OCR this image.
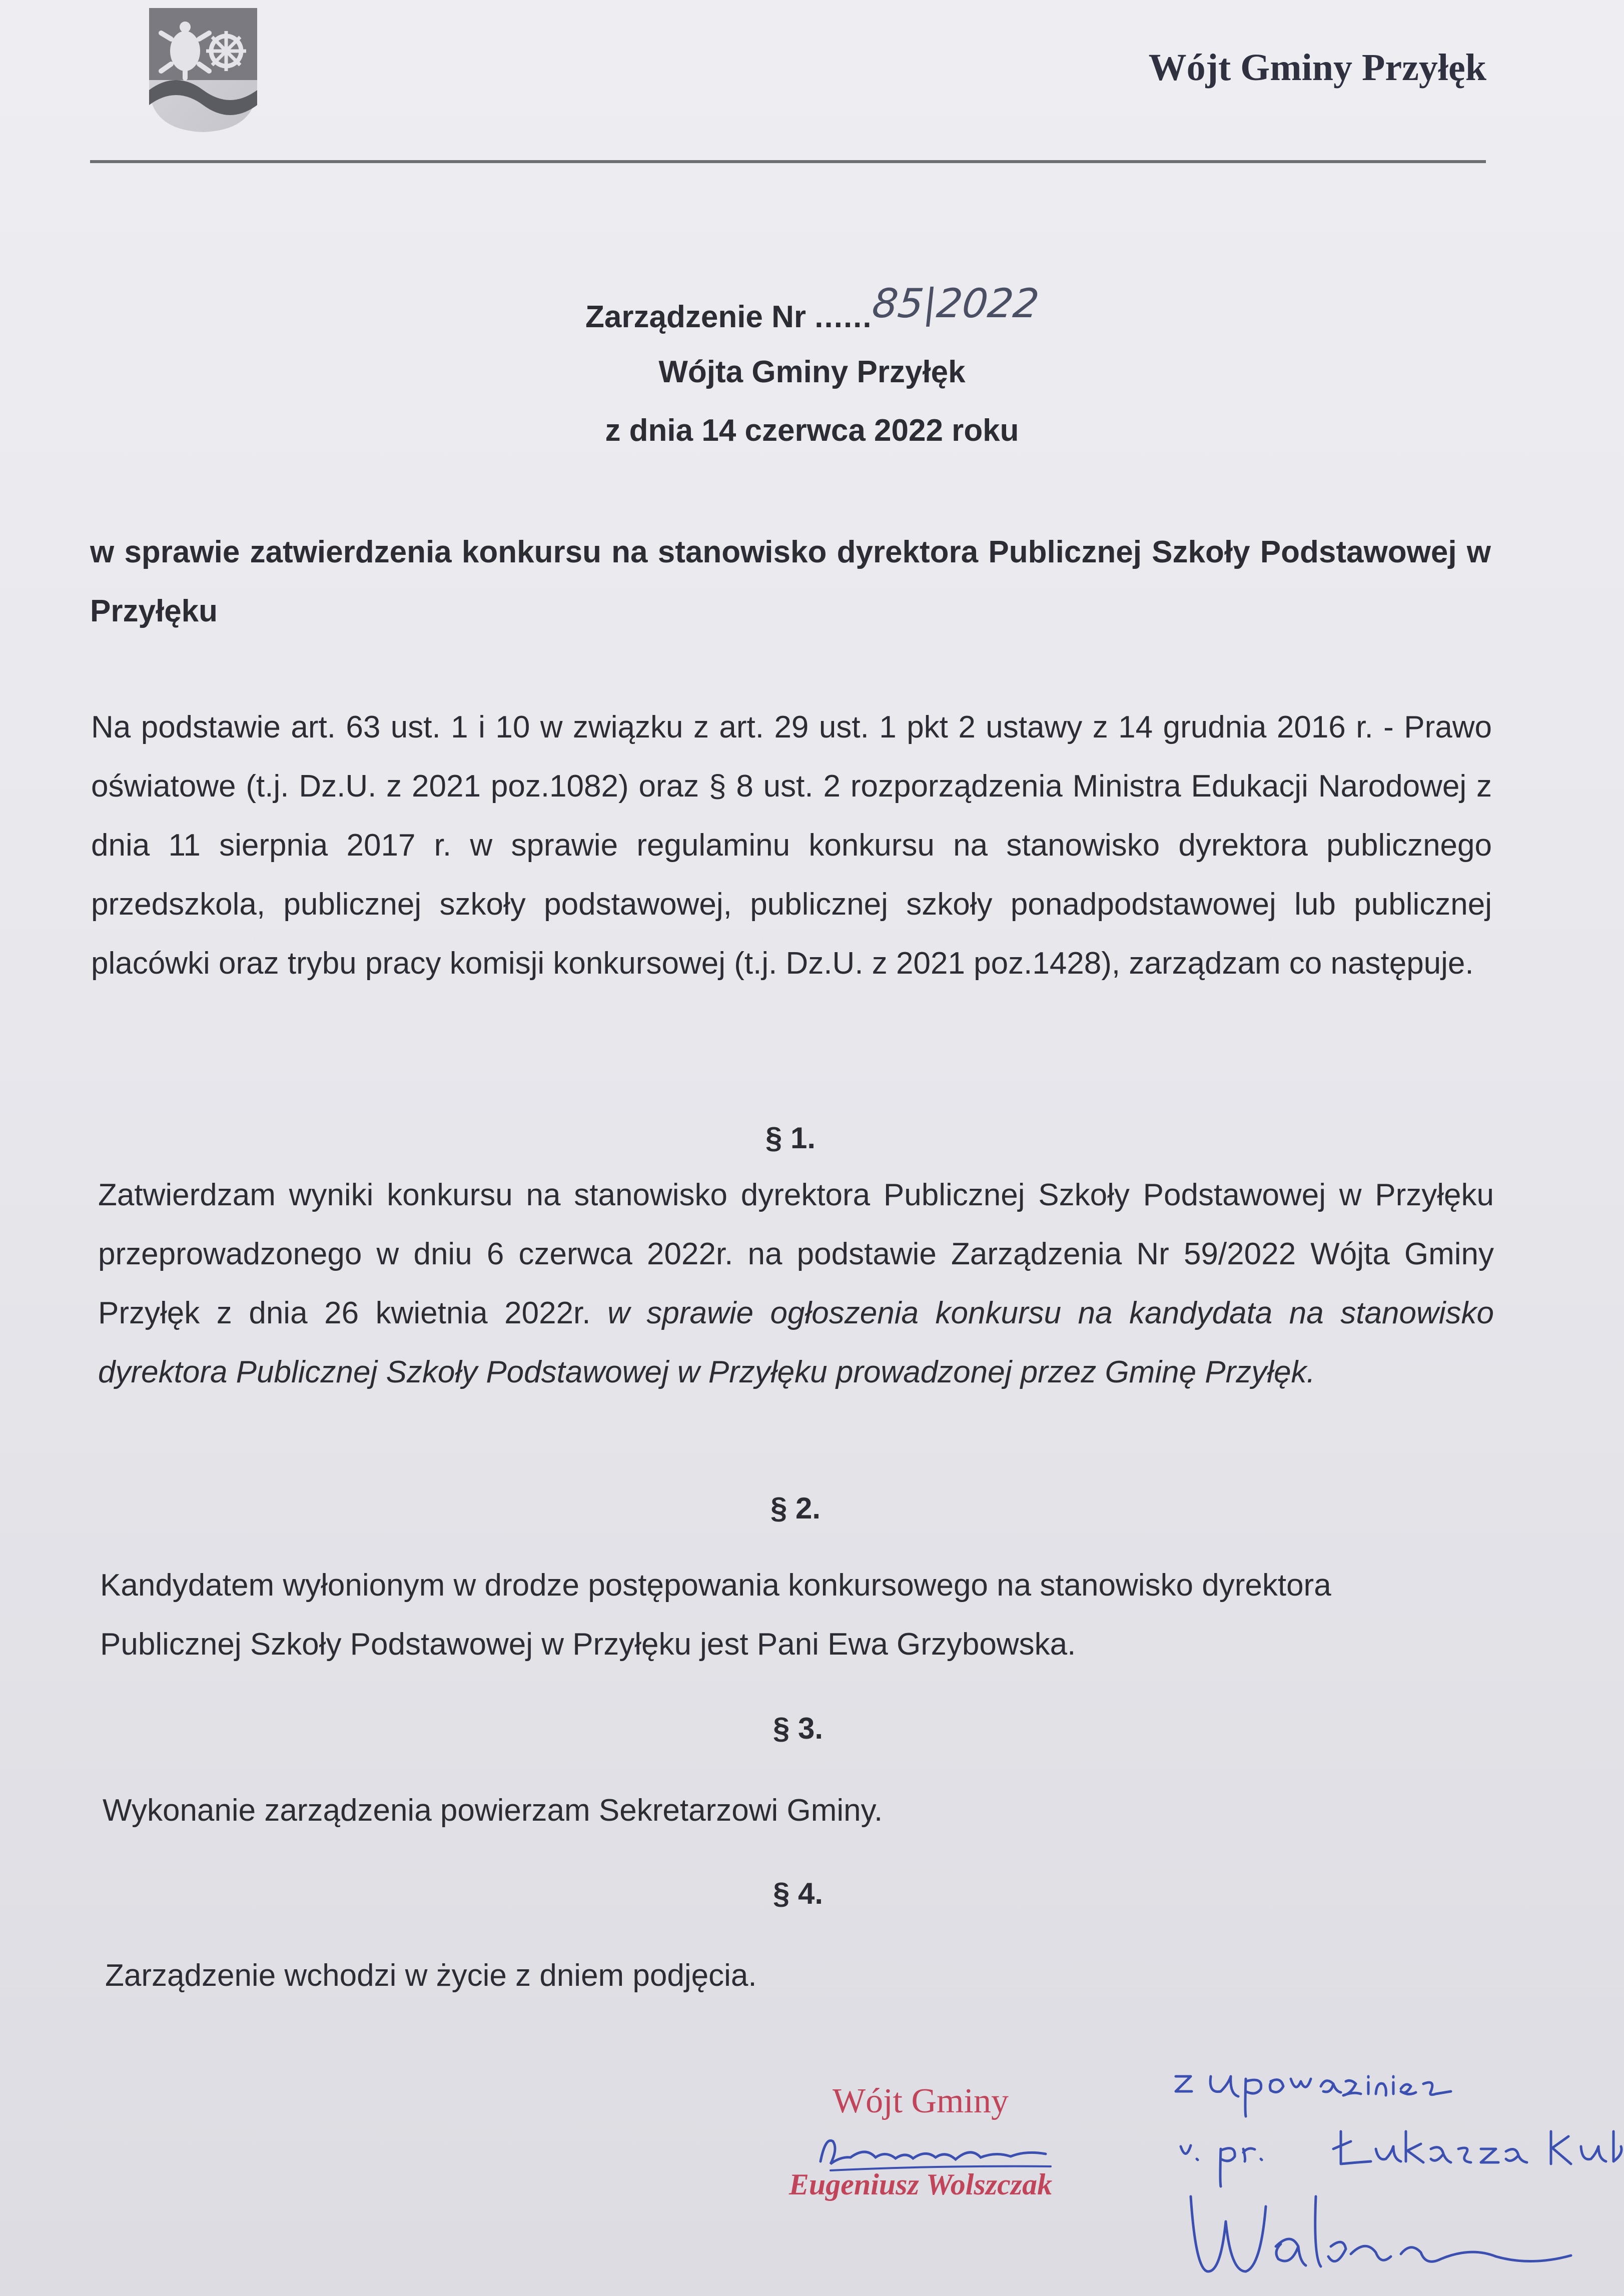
Wójt Gminy Przyłęk
Zarządzenie Nr ......85|2022
Wójta Gminy Przyłęk
z dnia 14 czerwca 2022 roku
w sprawie zatwierdzenia konkursu na stanowisko dyrektora Publicznej Szkoły Podstawowej w Przyłęku
Na podstawie art. 63 ust. 1 i 10 w związku z art. 29 ust. 1 pkt 2 ustawy z 14 grudnia 2016 r. - Prawo oświatowe (t.j. Dz.U. z 2021 poz.1082) oraz § 8 ust. 2 rozporządzenia Ministra Edukacji Narodowej z dnia 11 sierpnia 2017 r. w sprawie regulaminu konkursu na stanowisko dyrektora publicznego przedszkola, publicznej szkoły podstawowej, publicznej szkoły ponadpodstawowej lub publicznej placówki oraz trybu pracy komisji konkursowej (t.j. Dz.U. z 2021 poz.1428), zarządzam co następuje.
§ 1.
Zatwierdzam wyniki konkursu na stanowisko dyrektora Publicznej Szkoły Podstawowej w Przyłęku przeprowadzonego w dniu 6 czerwca 2022r. na podstawie Zarządzenia Nr 59/2022 Wójta Gminy Przyłęk z dnia 26 kwietnia 2022r. w sprawie ogłoszenia konkursu na kandydata na stanowisko dyrektora Publicznej Szkoły Podstawowej w Przyłęku prowadzonej przez Gminę Przyłęk.
§ 2.
Kandydatem wyłonionym w drodze postępowania konkursowego na stanowisko dyrektora Publicznej Szkoły Podstawowej w Przyłęku jest Pani Ewa Grzybowska.
§ 3.
Wykonanie zarządzenia powierzam Sekretarzowi Gminy.
§ 4.
Zarządzenie wchodzi w życie z dniem podjęcia.
Wójt Gminy
Eugeniusz Wolszczak
